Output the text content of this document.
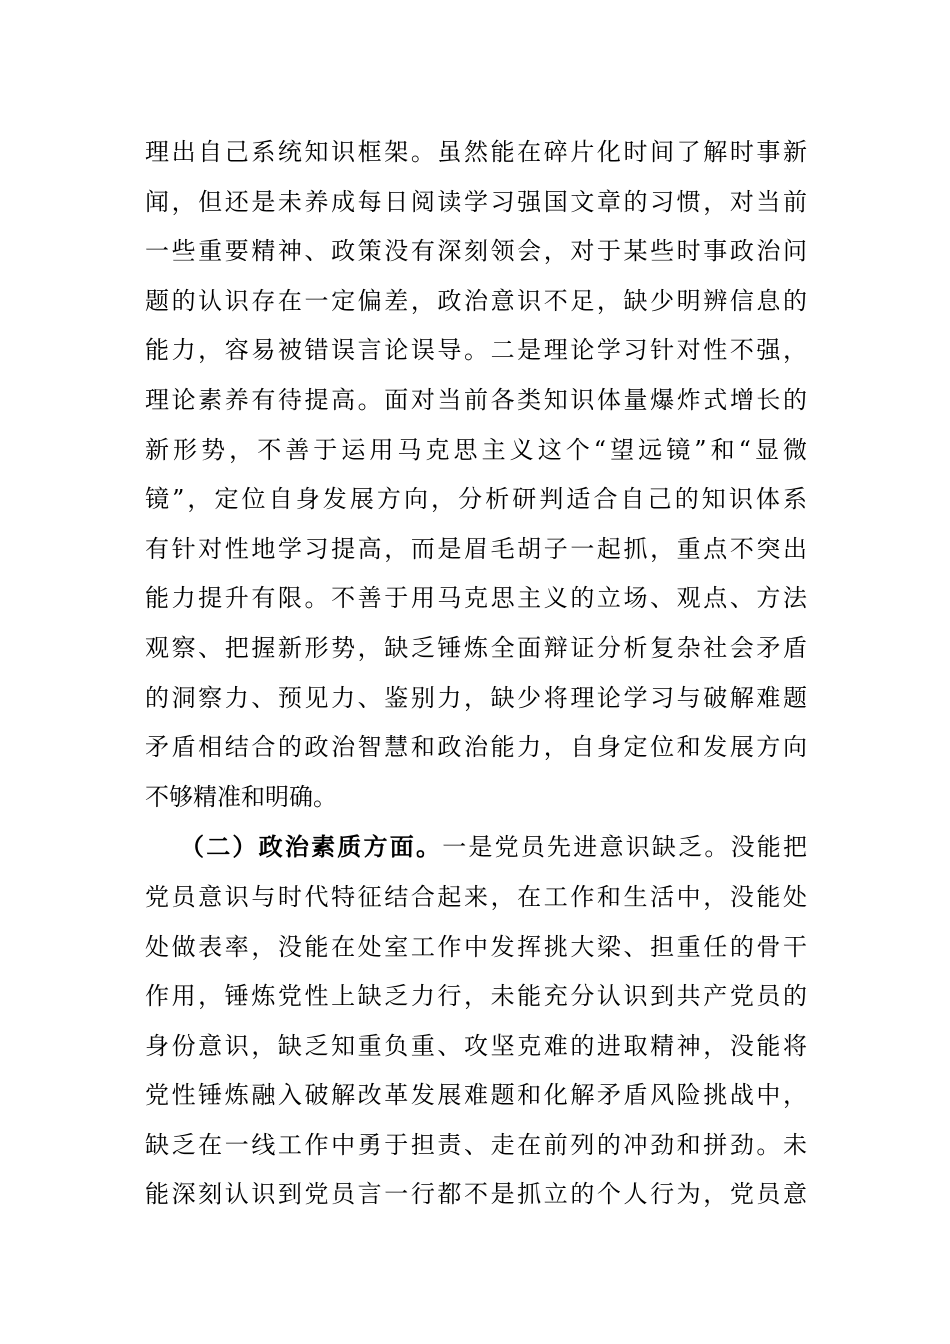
理出自己系统知识框架。虽然能在碎片化时间了解时事新
闻，但还是未养成每日阅读学习强国文章的习惯，对当前
一些重要精神、政策没有深刻领会，对于某些时事政治问
题的认识存在一定偏差，政治意识不足，缺少明辨信息的
能力，容易被错误言论误导。二是理论学习针对性不强，
理论素养有待提高。面对当前各类知识体量爆炸式增长的
新形势，不善于运用马克思主义这个“望远镜”和“显微
镜”，定位自身发展方向，分析研判适合自己的知识体系
有针对性地学习提高，而是眉毛胡子一起抓，重点不突出
能力提升有限。不善于用马克思主义的立场、观点、方法
观察、把握新形势，缺乏锤炼全面辩证分析复杂社会矛盾
的洞察力、预见力、鉴别力，缺少将理论学习与破解难题
矛盾相结合的政治智慧和政治能力，自身定位和发展方向
不够精准和明确。

（二）政治素质方面。一是党员先进意识缺乏。没能把
党员意识与时代特征结合起来，在工作和生活中，没能处
处做表率，没能在处室工作中发挥挑大梁、担重任的骨干
作用，锤炼党性上缺乏力行，未能充分认识到共产党员的
身份意识，缺乏知重负重、攻坚克难的进取精神，没能将
党性锤炼融入破解改革发展难题和化解矛盾风险挑战中，
缺乏在一线工作中勇于担责、走在前列的冲劲和拼劲。未
能深刻认识到党员言一行都不是抓立的个人行为，党员意
